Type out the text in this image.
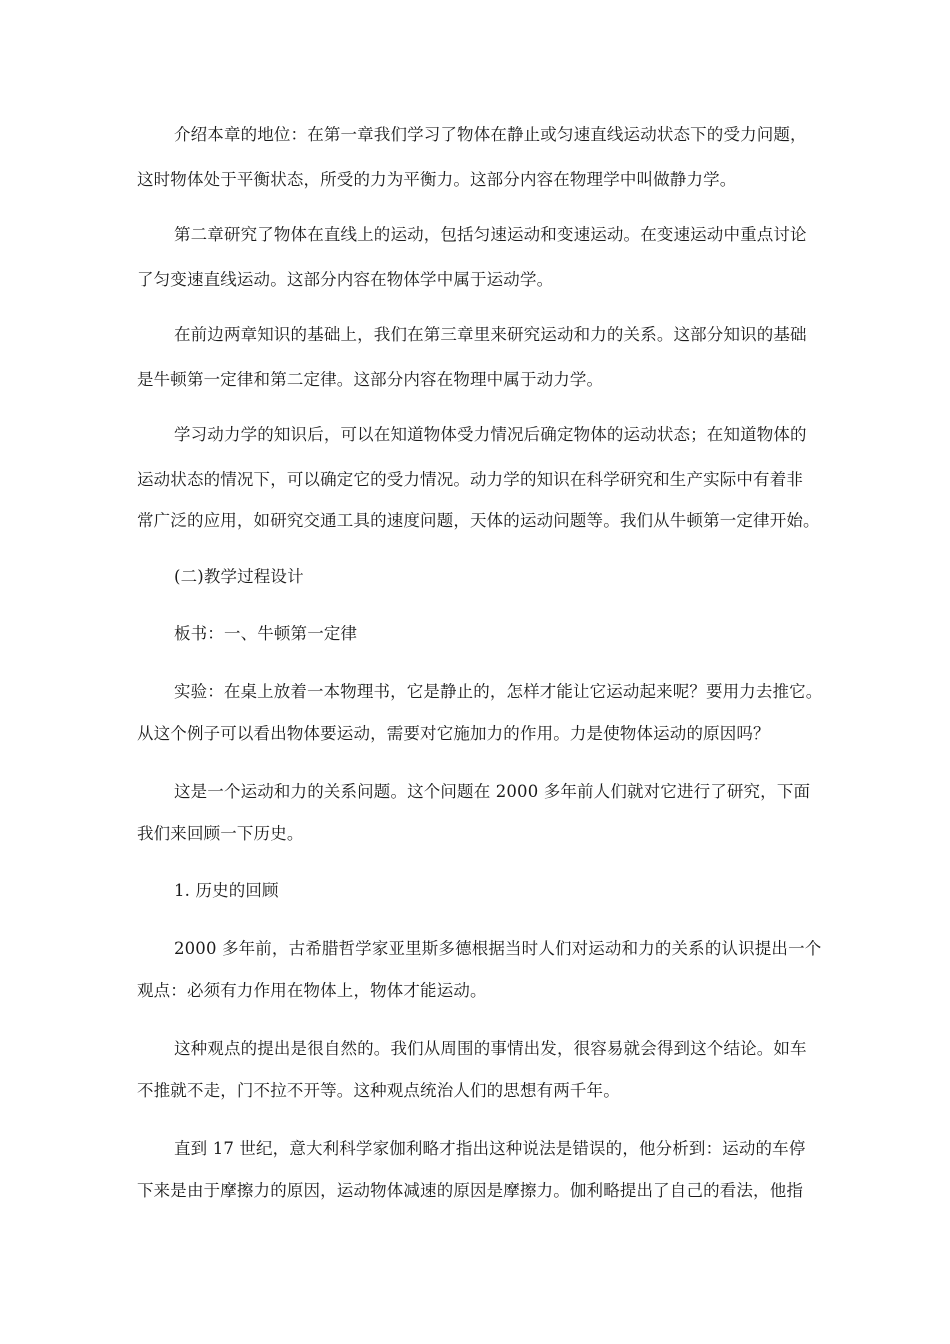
介绍本章的地位：在第一章我们学习了物体在静止或匀速直线运动状态下的受力问题，
这时物体处于平衡状态，所受的力为平衡力。这部分内容在物理学中叫做静力学。
第二章研究了物体在直线上的运动，包括匀速运动和变速运动。在变速运动中重点讨论
了匀变速直线运动。这部分内容在物体学中属于运动学。
在前边两章知识的基础上，我们在第三章里来研究运动和力的关系。这部分知识的基础
是牛顿第一定律和第二定律。这部分内容在物理中属于动力学。
学习动力学的知识后，可以在知道物体受力情况后确定物体的运动状态；在知道物体的
运动状态的情况下，可以确定它的受力情况。动力学的知识在科学研究和生产实际中有着非
常广泛的应用，如研究交通工具的速度问题，天体的运动问题等。我们从牛顿第一定律开始。
(二)教学过程设计
板书：一、牛顿第一定律
实验：在桌上放着一本物理书，它是静止的，怎样才能让它运动起来呢？要用力去推它。
从这个例子可以看出物体要运动，需要对它施加力的作用。力是使物体运动的原因吗？
这是一个运动和力的关系问题。这个问题在 2000 多年前人们就对它进行了研究，下面
我们来回顾一下历史。
1. 历史的回顾
2000 多年前，古希腊哲学家亚里斯多德根据当时人们对运动和力的关系的认识提出一个
观点：必须有力作用在物体上，物体才能运动。
这种观点的提出是很自然的。我们从周围的事情出发，很容易就会得到这个结论。如车
不推就不走，门不拉不开等。这种观点统治人们的思想有两千年。
直到 17 世纪，意大利科学家伽利略才指出这种说法是错误的，他分析到：运动的车停
下来是由于摩擦力的原因，运动物体减速的原因是摩擦力。伽利略提出了自己的看法，他指
